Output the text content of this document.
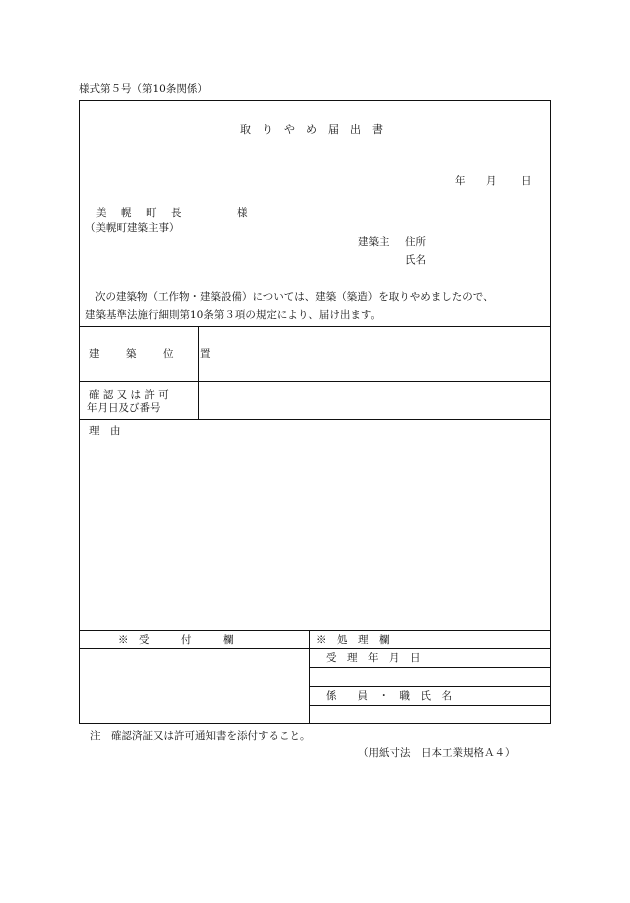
様式第５号（第10条関係）
取りやめ届出書
年 月 日
美　幌　町　長	様
（美幌町建築主事）
建築主 住所
氏名
次の建築物（工作物・建築設備）については、建築（築造）を取りやめましたので、
建築基準法施行細則第10条第３項の規定により、届け出ます。
建　築　位　置
確 認 又 は 許 可
年月日及び番号
理　由
※　受　　　付　　　欄	※　処　理　欄
受　理　年　月　日
係　　員　・　職　氏　名
注　確認済証又は許可通知書を添付すること。
（用紙寸法　日本工業規格Ａ４）
